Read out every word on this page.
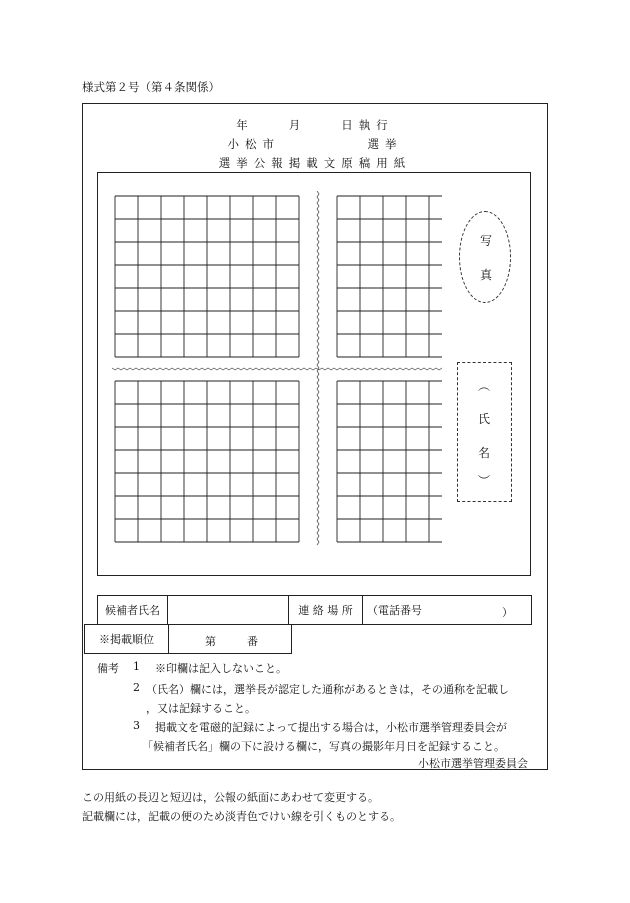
様式第２号（第４条関係）
年　　月　　日執行
小松市　　　　　選挙
選挙公報掲載文原稿用紙
写
真
︵
氏
名
︶
候補者氏名		連 絡 場 所	（電話番号	）
※掲載順位	第	番
備考 1 ※印欄は記入しないこと。
2 （氏名）欄には，選挙長が認定した通称があるときは，その通称を記載し
，又は記録すること。
3 掲載文を電磁的記録によって提出する場合は，小松市選挙管理委員会が
「候補者氏名」欄の下に設ける欄に，写真の撮影年月日を記録すること。
小松市選挙管理委員会
この用紙の長辺と短辺は，公報の紙面にあわせて変更する。
記載欄には，記載の便のため淡青色でけい線を引くものとする。
